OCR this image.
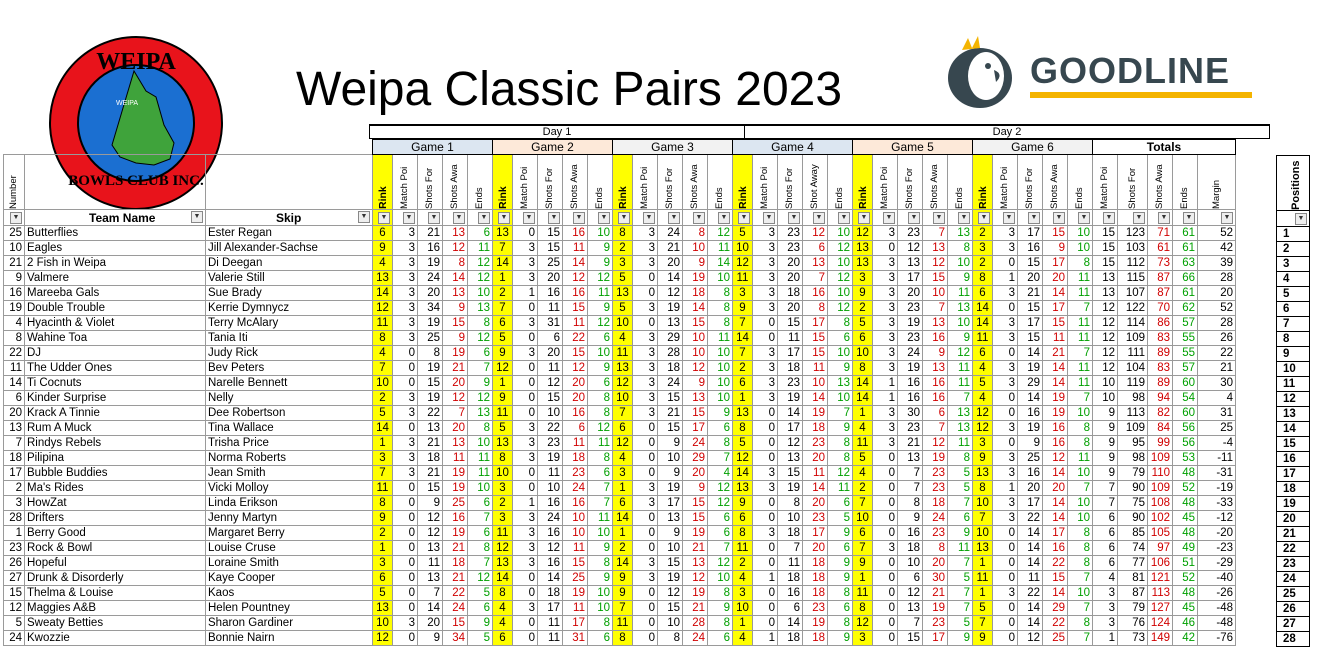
WEIPA
BOWLS CLUB INC.
WEIPA	Weipa Classic Pairs 2023	GOODLINE
Day 1	Day 2
			Game 1					Game 2					Game 3					Game 4					Game 5					Game 6					Totals				

Number			Rink	Match Poi	Shots For	Shots Awa	Ends	Rink	Match Poi	Shots For	Shots Awa	Ends	Rink	Match Poi	Shots For	Shots Awa	Ends	Rink	Match Poi	Shots For	Shot Away	Ends	Rink	Match Poi	Shots For	Shots Awa	Ends	Rink	Match Poi	Shots For	Shots Awa	Ends	Match Poi	Shots For	Shots Awa	Ends	Margin

▼	Team Name ▼	Skip ▼	▼	▼	▼	▼	▼	▼	▼	▼	▼	▼	▼	▼	▼	▼	▼	▼	▼	▼	▼	▼	▼	▼	▼	▼	▼	▼	▼	▼	▼	▼	▼	▼	▼	▼	▼

25	Butterflies	Ester Regan	6	3	21	13	6	13	0	15	16	10	8	3	24	8	12	5	3	23	12	10	12	3	23	7	13	2	3	17	15	10	15	123	71	61	52
10	Eagles	Jill Alexander-Sachse	9	3	16	12	11	7	3	15	11	9	2	3	21	10	11	10	3	23	6	12	13	0	12	13	8	3	3	16	9	10	15	103	61	61	42
21	2 Fish in Weipa	Di Deegan	4	3	19	8	12	14	3	25	14	9	3	3	20	9	14	12	3	20	13	10	13	3	13	12	10	2	0	15	17	8	15	112	73	63	39
9	Valmere	Valerie Still	13	3	24	14	12	1	3	20	12	12	5	0	14	19	10	11	3	20	7	12	3	3	17	15	9	8	1	20	20	11	13	115	87	66	28
16	Mareeba Gals	Sue Brady	14	3	20	13	10	2	1	16	16	11	13	0	12	18	8	3	3	18	16	10	9	3	20	10	11	6	3	21	14	11	13	107	87	61	20
19	Double Trouble	Kerrie Dymnycz	12	3	34	9	13	7	0	11	15	9	5	3	19	14	8	9	3	20	8	12	2	3	23	7	13	14	0	15	17	7	12	122	70	62	52
4	Hyacinth & Violet	Terry McAlary	11	3	19	15	8	6	3	31	11	12	10	0	13	15	8	7	0	15	17	8	5	3	19	13	10	14	3	17	15	11	12	114	86	57	28
8	Wahine Toa	Tania Iti	8	3	25	9	12	5	0	6	22	6	4	3	29	10	11	14	0	11	15	6	6	3	23	16	9	11	3	15	11	11	12	109	83	55	26
22	DJ	Judy Rick	4	0	8	19	6	9	3	20	15	10	11	3	28	10	10	7	3	17	15	10	10	3	24	9	12	6	0	14	21	7	12	111	89	55	22
11	The Udder Ones	Bev Peters	7	0	19	21	7	12	0	11	12	9	13	3	18	12	10	2	3	18	11	9	8	3	19	13	11	4	3	19	14	11	12	104	83	57	21
14	Ti Cocnuts	Narelle Bennett	10	0	15	20	9	1	0	12	20	6	12	3	24	9	10	6	3	23	10	13	14	1	16	16	11	5	3	29	14	11	10	119	89	60	30
6	Kinder Surprise	Nelly	2	3	19	12	12	9	0	15	20	8	10	3	15	13	10	1	3	19	14	10	14	1	16	16	7	4	0	14	19	7	10	98	94	54	4
20	Krack A Tinnie	Dee Robertson	5	3	22	7	13	11	0	10	16	8	7	3	21	15	9	13	0	14	19	7	1	3	30	6	13	12	0	16	19	10	9	113	82	60	31
13	Rum A Muck	Tina Wallace	14	0	13	20	8	5	3	22	6	12	6	0	15	17	6	8	0	17	18	9	4	3	23	7	13	12	3	19	16	8	9	109	84	56	25
7	Rindys Rebels	Trisha Price	1	3	21	13	10	13	3	23	11	11	12	0	9	24	8	5	0	12	23	8	11	3	21	12	11	3	0	9	16	8	9	95	99	56	-4
18	Pilipina	Norma Roberts	3	3	18	11	11	8	3	19	18	8	4	0	10	29	7	12	0	13	20	8	5	0	13	19	8	9	3	25	12	11	9	98	109	53	-11
17	Bubble Buddies	Jean Smith	7	3	21	19	11	10	0	11	23	6	3	0	9	20	4	14	3	15	11	12	4	0	7	23	5	13	3	16	14	10	9	79	110	48	-31
2	Ma's Rides	Vicki Molloy	11	0	15	19	10	3	0	10	24	7	1	3	19	9	12	13	3	19	14	11	2	0	7	23	5	8	1	20	20	7	7	90	109	52	-19
3	HowZat	Linda Erikson	8	0	9	25	6	2	1	16	16	7	6	3	17	15	12	9	0	8	20	6	7	0	8	18	7	10	3	17	14	10	7	75	108	48	-33
28	Drifters	Jenny Martyn	9	0	12	16	7	3	3	24	10	11	14	0	13	15	6	6	0	10	23	5	10	0	9	24	6	7	3	22	14	10	6	90	102	45	-12
1	Berry Good	Margaret Berry	2	0	12	19	6	11	3	16	10	10	1	0	9	19	6	8	3	18	17	9	6	0	16	23	9	10	0	14	17	8	6	85	105	48	-20
23	Rock & Bowl	Louise Cruse	1	0	13	21	8	12	3	12	11	9	2	0	10	21	7	11	0	7	20	6	7	3	18	8	11	13	0	14	16	8	6	74	97	49	-23
26	Hopeful	Loraine Smith	3	0	11	18	7	13	3	16	15	8	14	3	15	13	12	2	0	11	18	9	9	0	10	20	7	1	0	14	22	8	6	77	106	51	-29
27	Drunk & Disorderly	Kaye Cooper	6	0	13	21	12	14	0	14	25	9	9	3	19	12	10	4	1	18	18	9	1	0	6	30	5	11	0	11	15	7	4	81	121	52	-40
15	Thelma & Louise	Kaos	5	0	7	22	5	8	0	18	19	10	9	0	12	19	8	3	0	16	18	8	11	0	12	21	7	1	3	22	14	10	3	87	113	48	-26
12	Maggies A&B	Helen Pountney	13	0	14	24	6	4	3	17	11	10	7	0	15	21	9	10	0	6	23	6	8	0	13	19	7	5	0	14	29	7	3	79	127	45	-48
5	Sweaty Betties	Sharon Gardiner	10	3	20	15	9	4	0	11	17	8	11	0	10	28	8	1	0	14	19	8	12	0	7	23	5	7	0	14	22	8	3	76	124	46	-48
24	Kwozzie	Bonnie Nairn	12	0	9	34	5	6	0	11	31	6	8	0	8	24	6	4	1	18	18	9	3	0	15	17	9	9	0	12	25	7	1	73	149	42	-76
Positions

▼

1
2
3
4
5
6
7
8
9
10
11
12
13
14
15
16
17
18
19
20
21
22
23
24
25
26
27
28
